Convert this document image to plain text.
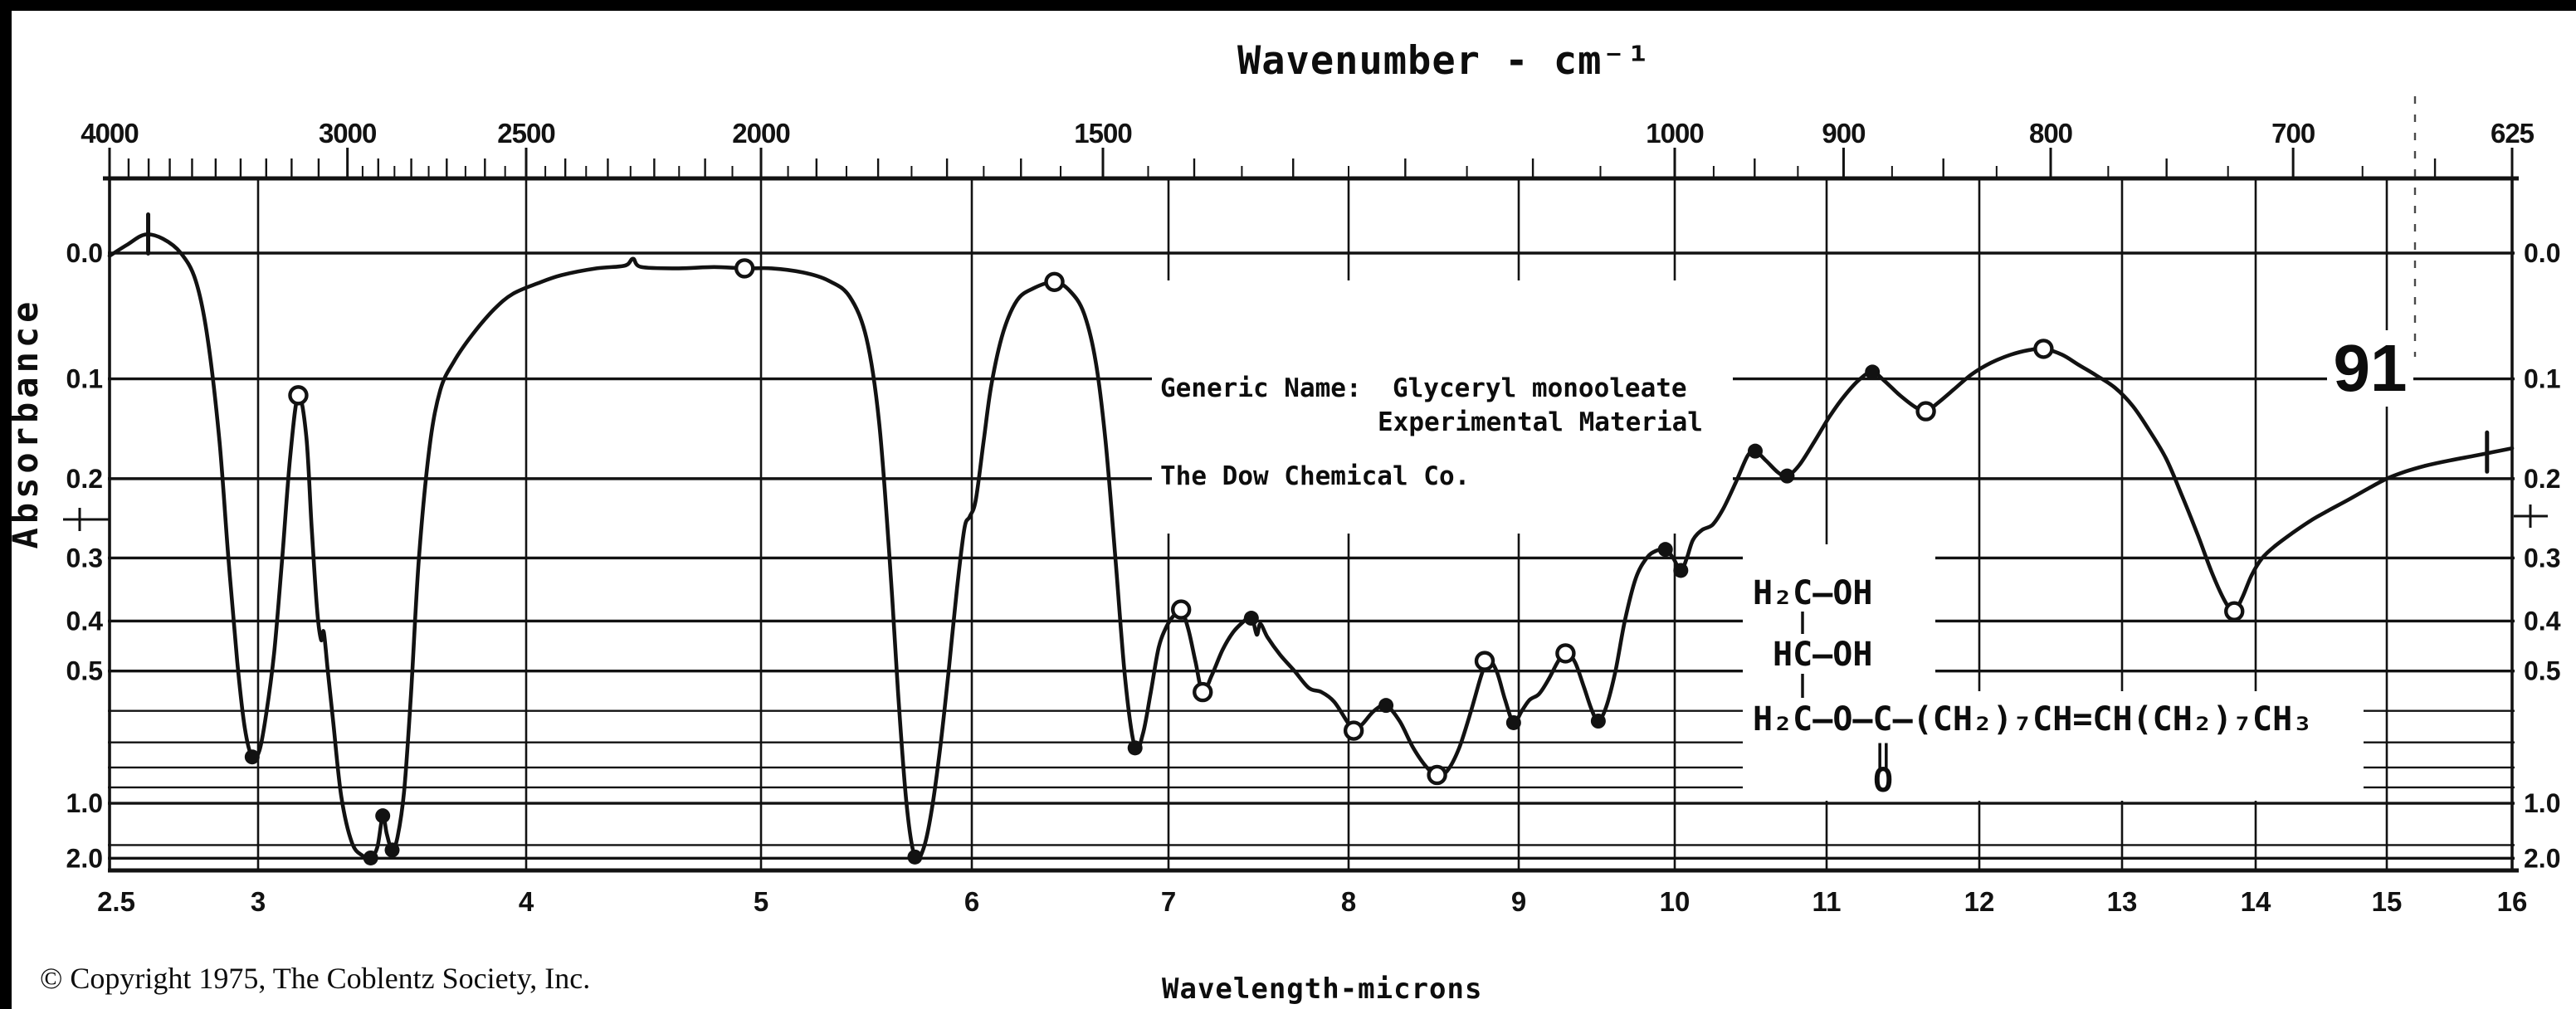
4000	3000	2500	2000	1500	1000	900	800	700	625
2.5	3	4	5	6	7	8	9	10	11	12	13	14	15	16
0.0	0.0
0.1	0.1
0.2	0.2
0.3	0.3
0.4	0.4
0.5	0.5
1.0	1.0
2.0	2.0
Wavenumber - cm⁻¹
Absorbance	Generic Name:  Glyceryl monooleate
Experimental Material
The Dow Chemical Co.
H₂C—OH
HC—OH
H₂C—O—C—(CH₂)₇CH=CH(CH₂)₇CH₃
‖
O
91
Wavelength-microns
© Copyright 1975, The Coblentz Society, Inc.
